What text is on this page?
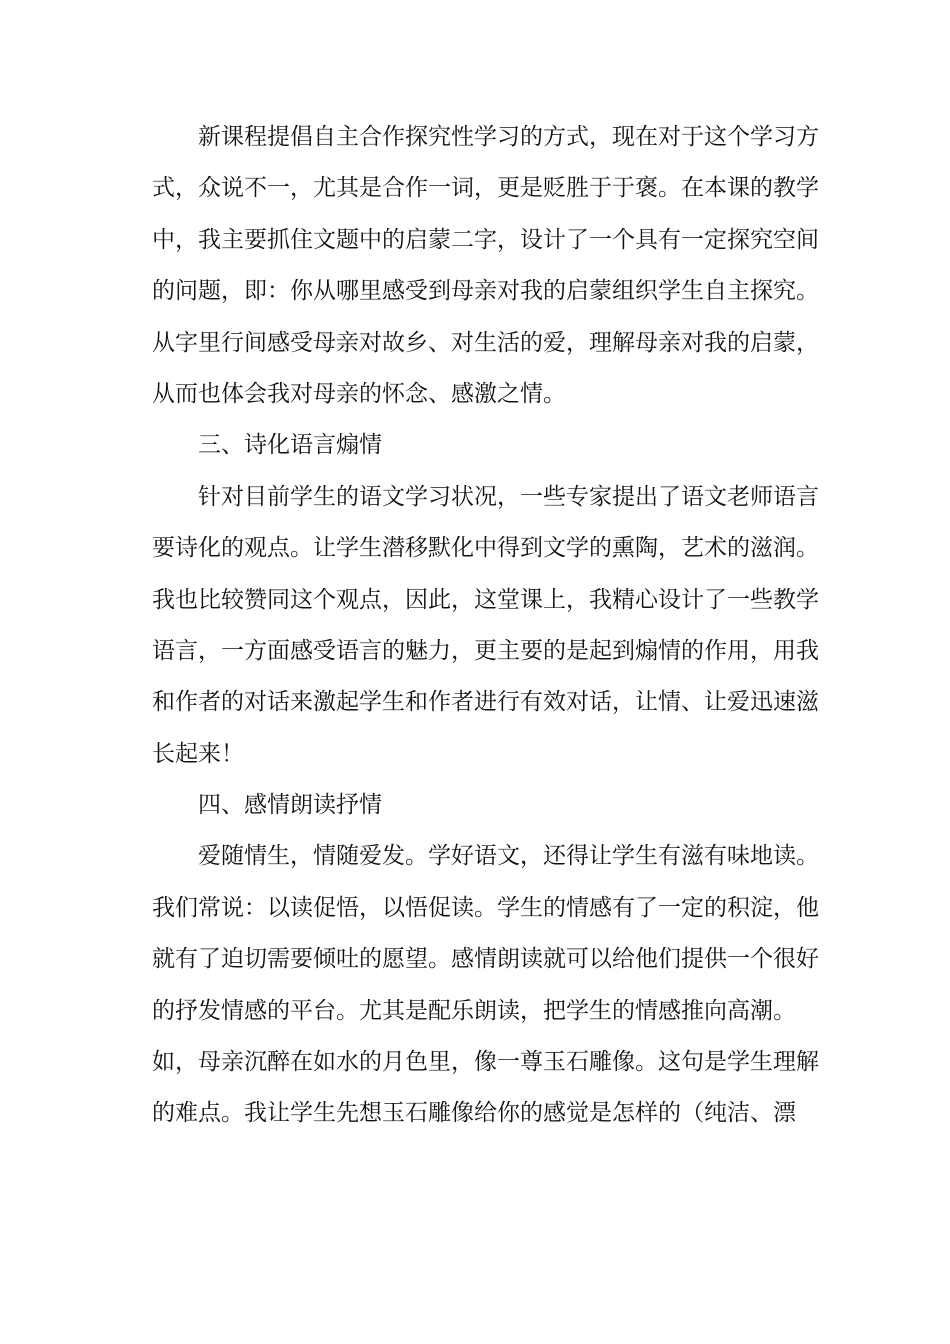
新课程提倡自主合作探究性学习的方式，现在对于这个学习方
式，众说不一，尤其是合作一词，更是贬胜于于褒。在本课的教学
中，我主要抓住文题中的启蒙二字，设计了一个具有一定探究空间
的问题，即：你从哪里感受到母亲对我的启蒙组织学生自主探究。
从字里行间感受母亲对故乡、对生活的爱，理解母亲对我的启蒙，
从而也体会我对母亲的怀念、感激之情。
三、诗化语言煽情
针对目前学生的语文学习状况，一些专家提出了语文老师语言
要诗化的观点。让学生潜移默化中得到文学的熏陶，艺术的滋润。
我也比较赞同这个观点，因此，这堂课上，我精心设计了一些教学
语言，一方面感受语言的魅力，更主要的是起到煽情的作用，用我
和作者的对话来激起学生和作者进行有效对话，让情、让爱迅速滋
长起来！
四、感情朗读抒情
爱随情生，情随爱发。学好语文，还得让学生有滋有味地读。
我们常说：以读促悟，以悟促读。学生的情感有了一定的积淀，他
就有了迫切需要倾吐的愿望。感情朗读就可以给他们提供一个很好
的抒发情感的平台。尤其是配乐朗读，把学生的情感推向高潮。
如，母亲沉醉在如水的月色里，像一尊玉石雕像。这句是学生理解
的难点。我让学生先想玉石雕像给你的感觉是怎样的（纯洁、漂
